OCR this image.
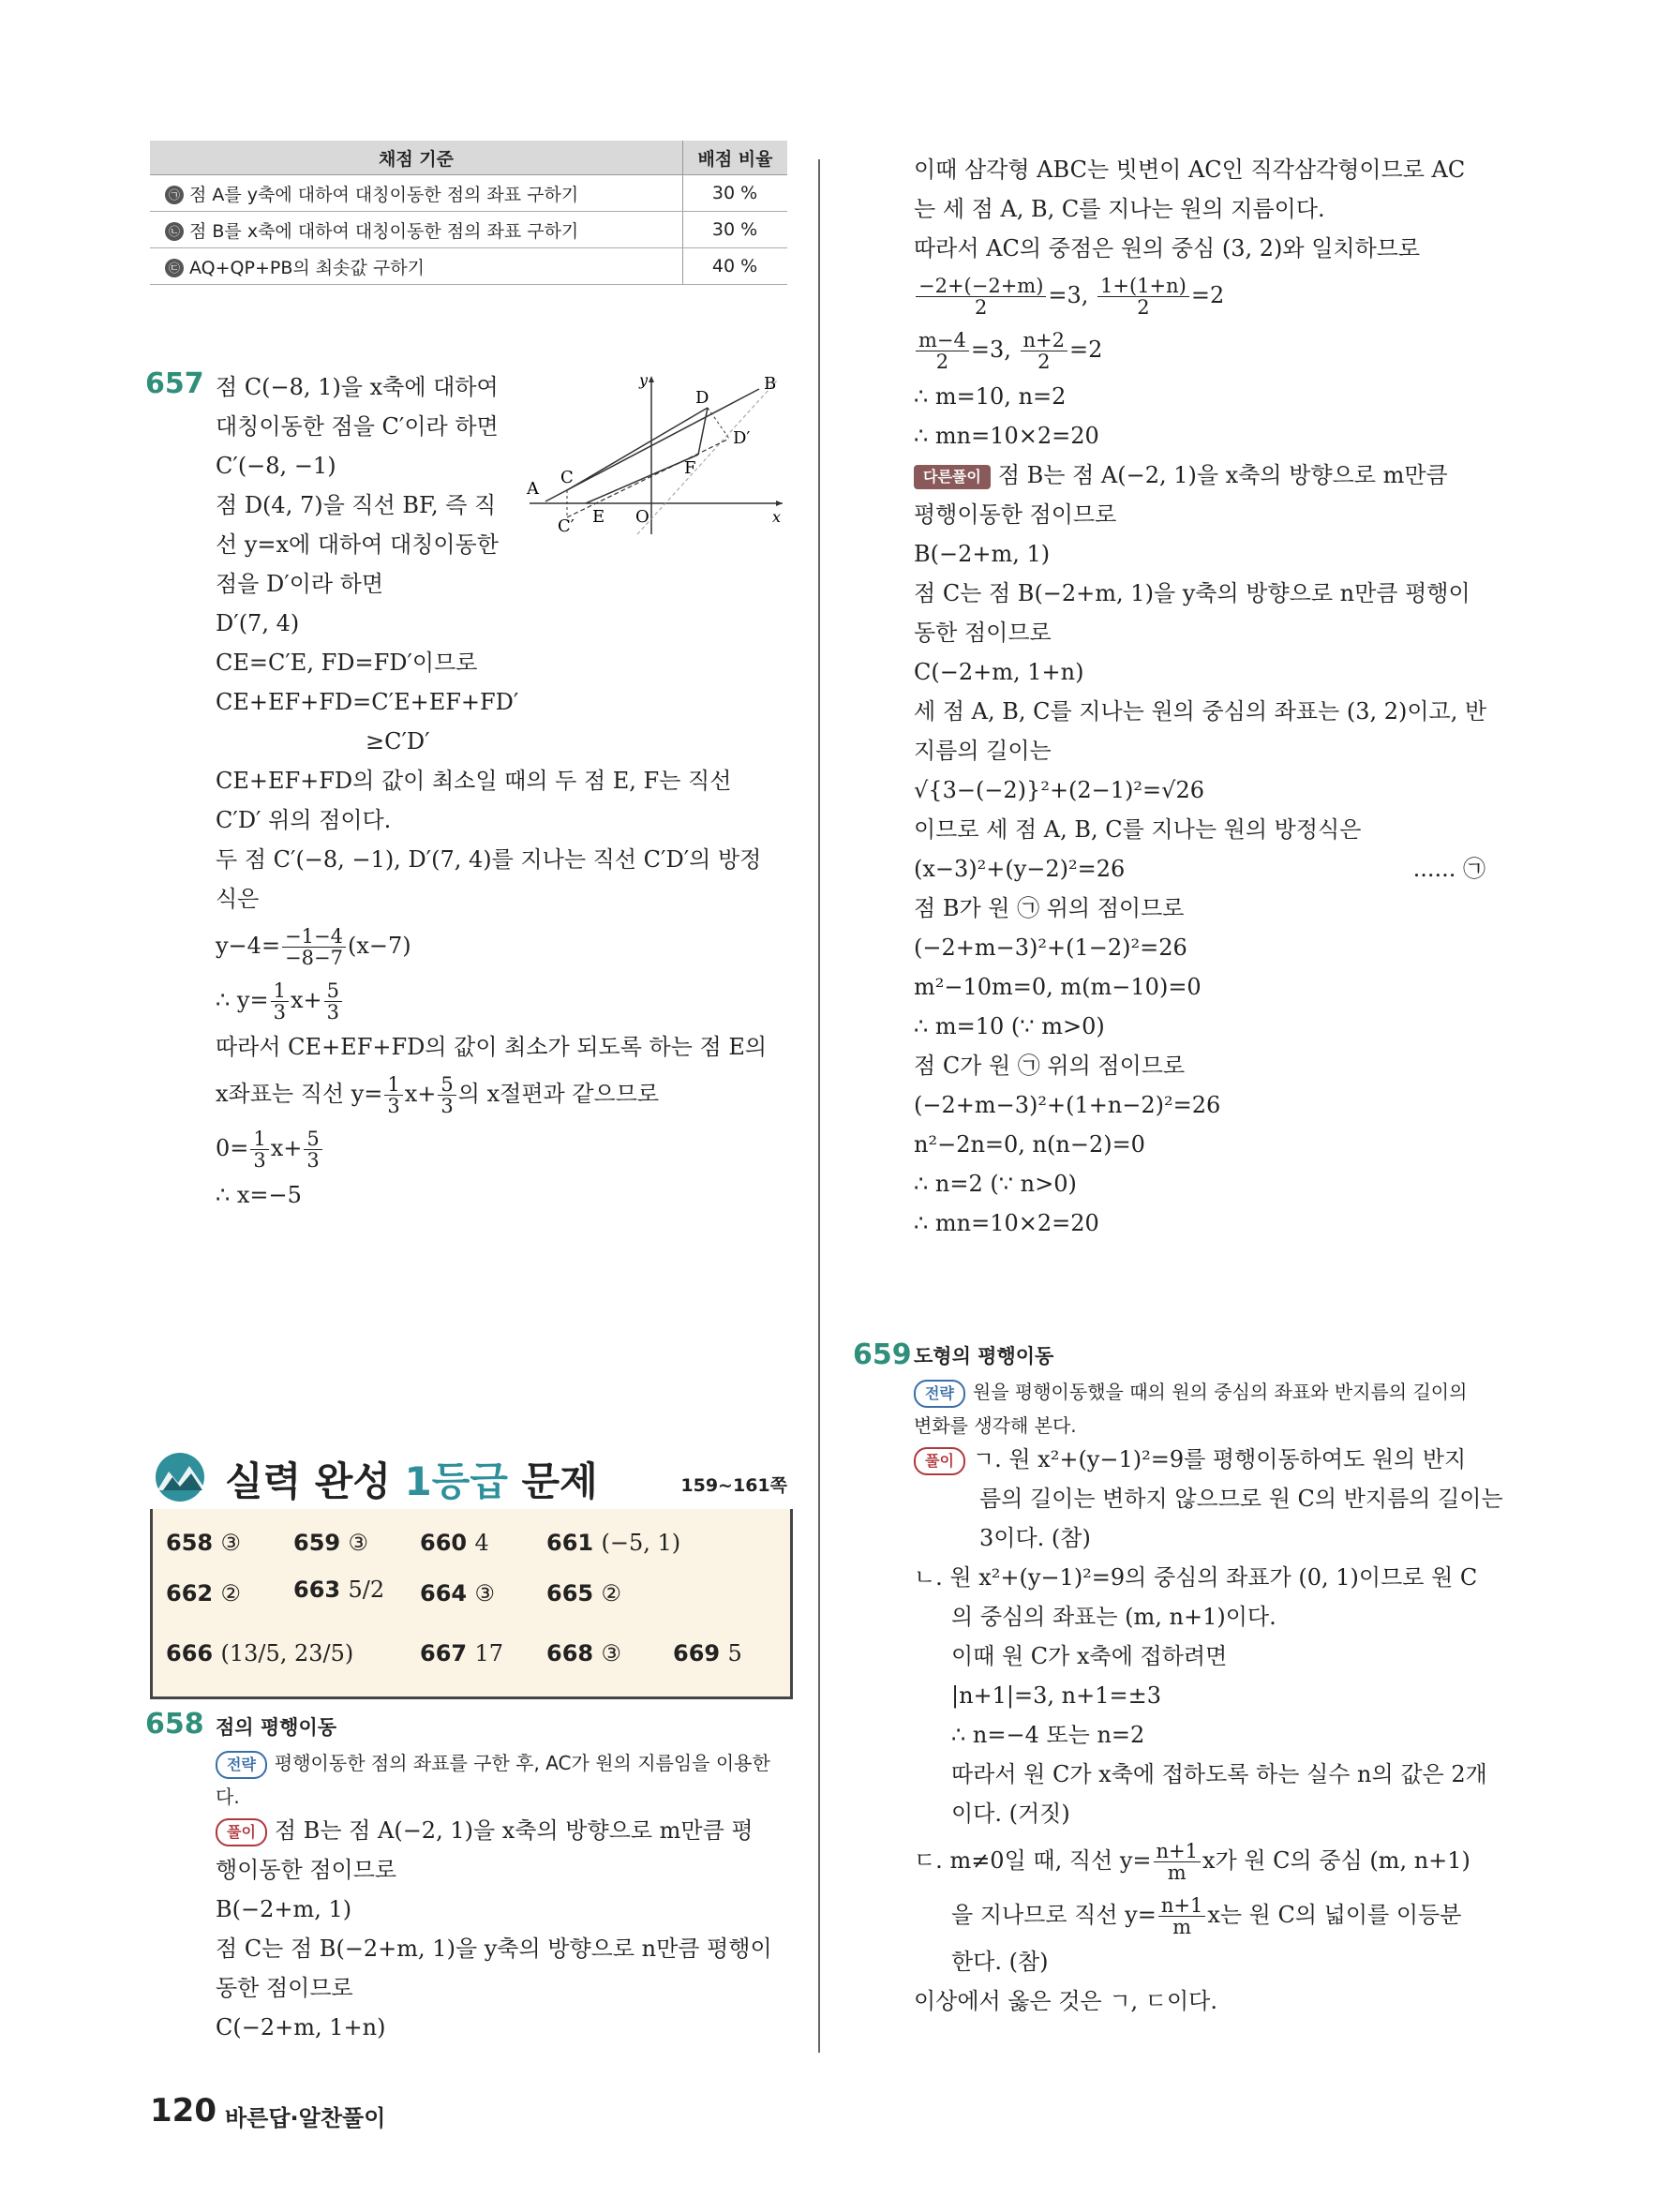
채점 기준	배점 비율
㉠ 점 A를 y축에 대하여 대칭이동한 점의 좌표 구하기	30 %
㉡ 점 B를 x축에 대하여 대칭이동한 점의 좌표 구하기	30 %
㉢ AQ+QP+PB의 최솟값 구하기	40 %
657 점 C(−8, 1)을 x축에 대하여
대칭이동한 점을 C′이라 하면
C′(−8, −1)
점 D(4, 7)을 직선 BF, 즉 직
선 y=x에 대하여 대칭이동한
점을 D′이라 하면
D′(7, 4)
CE=C′E, FD=FD′이므로
CE+EF+FD=C′E+EF+FD′
≥C′D′
CE+EF+FD의 값이 최소일 때의 두 점 E, F는 직선
C′D′ 위의 점이다.
두 점 C′(−8, −1), D′(7, 4)를 지나는 직선 C′D′의 방정
식은
$y-4= \frac{-1-4}{-8-7} (x-7)$
∴ $y= \frac{1}{3} x+ \frac{5}{3}$
따라서 CE+EF+FD의 값이 최소가 되도록 하는 점 E의
x좌표는 직선 $y= \frac{1}{3} x+ \frac{5}{3}$ 의 x절편과 같으므로
$0= \frac{1}{3} x+ \frac{5}{3}$
∴ x=−5
B
D
D′
A
C
C′ E O
F
x
y
실력 완성 1등급 문제	159~161쪽
658 ③ 659 ③ 660 4	661 (−5, 1)
662 ② 663 5/2 664 ③ 665 ②
666 (13/5, 23/5)	667 17 668 ③ 669 5
658 점의 평행이동
전략 평행이동한 점의 좌표를 구한 후, AC가 원의 지름임을 이용한
다.
풀이 점 B는 점 A(−2, 1)을 x축의 방향으로 m만큼 평
행이동한 점이므로
B(−2+m, 1)
점 C는 점 B(−2+m, 1)을 y축의 방향으로 n만큼 평행이
동한 점이므로
C(−2+m, 1+n)
이때 삼각형 ABC는 빗변이 AC인 직각삼각형이므로 AC
는 세 점 A, B, C를 지나는 원의 지름이다.
따라서 AC의 중점은 원의 중심 (3, 2)와 일치하므로
$\frac{-2+(-2+m)}{2} =3$, $\frac{1+(1+n)}{2} =2$
$\frac{m-4}{2} =3$, $\frac{n+2}{2} =2$
∴ m=10, n=2
∴ mn=10×2=20
다른풀이 점 B는 점 A(−2, 1)을 x축의 방향으로 m만큼
평행이동한 점이므로
B(−2+m, 1)
점 C는 점 B(−2+m, 1)을 y축의 방향으로 n만큼 평행이
동한 점이므로
C(−2+m, 1+n)
세 점 A, B, C를 지나는 원의 중심의 좌표는 (3, 2)이고, 반
지름의 길이는
√{3−(−2)}²+(2−1)²=√26
이므로 세 점 A, B, C를 지나는 원의 방정식은
(x−3)²+(y−2)²=26	...... ㉠
점 B가 원 ㉠ 위의 점이므로
(−2+m−3)²+(1−2)²=26
m²−10m=0, m(m−10)=0
∴ m=10 (∵ m>0)
점 C가 원 ㉠ 위의 점이므로
(−2+m−3)²+(1+n−2)²=26
n²−2n=0, n(n−2)=0
∴ n=2 (∵ n>0)
∴ mn=10×2=20
659 도형의 평행이동
전략 원을 평행이동했을 때의 원의 중심의 좌표와 반지름의 길이의
변화를 생각해 본다.
풀이 ㄱ. 원 x²+(y−1)²=9를 평행이동하여도 원의 반지
름의 길이는 변하지 않으므로 원 C의 반지름의 길이는
3이다. (참)
ㄴ. 원 x²+(y−1)²=9의 중심의 좌표가 (0, 1)이므로 원 C
의 중심의 좌표는 (m, n+1)이다.
이때 원 C가 x축에 접하려면
|n+1|=3, n+1=±3
∴ n=−4 또는 n=2
따라서 원 C가 x축에 접하도록 하는 실수 n의 값은 2개
이다. (거짓)
ㄷ. m≠0일 때, 직선 $y= \frac{n+1}{m}$ x가 원 C의 중심 (m, n+1)
을 지나므로 직선 $y= \frac{n+1}{m}$ x는 원 C의 넓이를 이등분
한다. (참)
이상에서 옳은 것은 ㄱ, ㄷ이다.
120 바른답·알찬풀이
